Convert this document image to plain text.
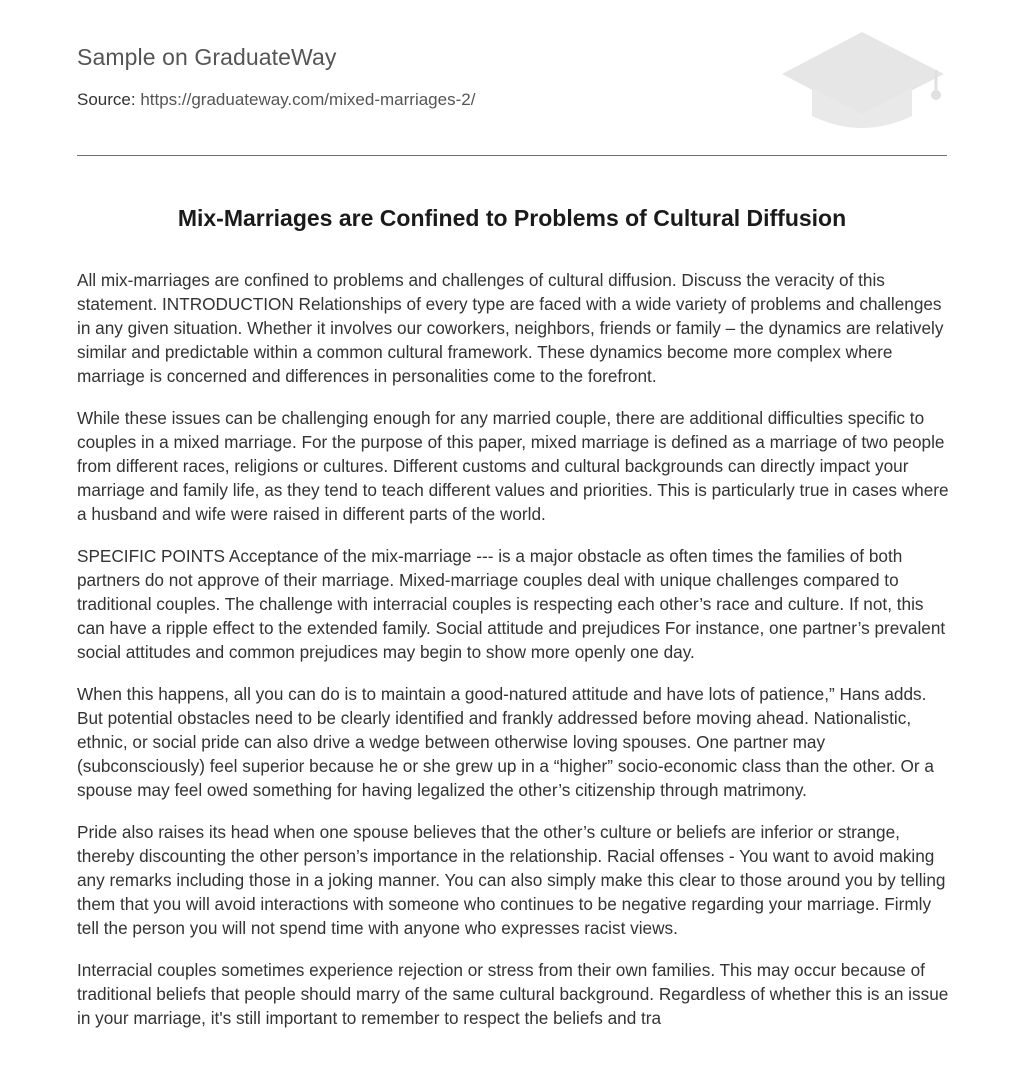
Sample on GraduateWay
Source: https://graduateway.com/mixed-marriages-2/
Mix-Marriages are Confined to Problems of Cultural Diffusion

All mix-marriages are confined to problems and challenges of cultural diffusion. Discuss the veracity of this statement. INTRODUCTION Relationships of every type are faced with a wide variety of problems and challenges in any given situation. Whether it involves our coworkers, neighbors, friends or family – the dynamics are relatively similar and predictable within a common cultural framework. These dynamics become more complex where marriage is concerned and differences in personalities come to the forefront.

While these issues can be challenging enough for any married couple, there are additional difficulties specific to couples in a mixed marriage. For the purpose of this paper, mixed marriage is defined as a marriage of two people from different races, religions or cultures. Different customs and cultural backgrounds can directly impact your marriage and family life, as they tend to teach different values and priorities. This is particularly true in cases where a husband and wife were raised in different parts of the world.

SPECIFIC POINTS Acceptance of the mix-marriage --- is a major obstacle as often times the families of both partners do not approve of their marriage. Mixed-marriage couples deal with unique challenges compared to traditional couples. The challenge with interracial couples is respecting each other’s race and culture. If not, this can have a ripple effect to the extended family. Social attitude and prejudices For instance, one partner’s prevalent social attitudes and common prejudices may begin to show more openly one day.

When this happens, all you can do is to maintain a good-natured attitude and have lots of patience,” Hans adds. But potential obstacles need to be clearly identified and frankly addressed before moving ahead. Nationalistic, ethnic, or social pride can also drive a wedge between otherwise loving spouses. One partner may (subconsciously) feel superior because he or she grew up in a “higher” socio-economic class than the other. Or a spouse may feel owed something for having legalized the other’s citizenship through matrimony.

Pride also raises its head when one spouse believes that the other’s culture or beliefs are inferior or strange, thereby discounting the other person’s importance in the relationship. Racial offenses - You want to avoid making any remarks including those in a joking manner. You can also simply make this clear to those around you by telling them that you will avoid interactions with someone who continues to be negative regarding your marriage. Firmly tell the person you will not spend time with anyone who expresses racist views.

Interracial couples sometimes experience rejection or stress from their own families. This may occur because of traditional beliefs that people should marry of the same cultural background. Regardless of whether this is an issue in your marriage, it's still important to remember to respect the beliefs and tra
